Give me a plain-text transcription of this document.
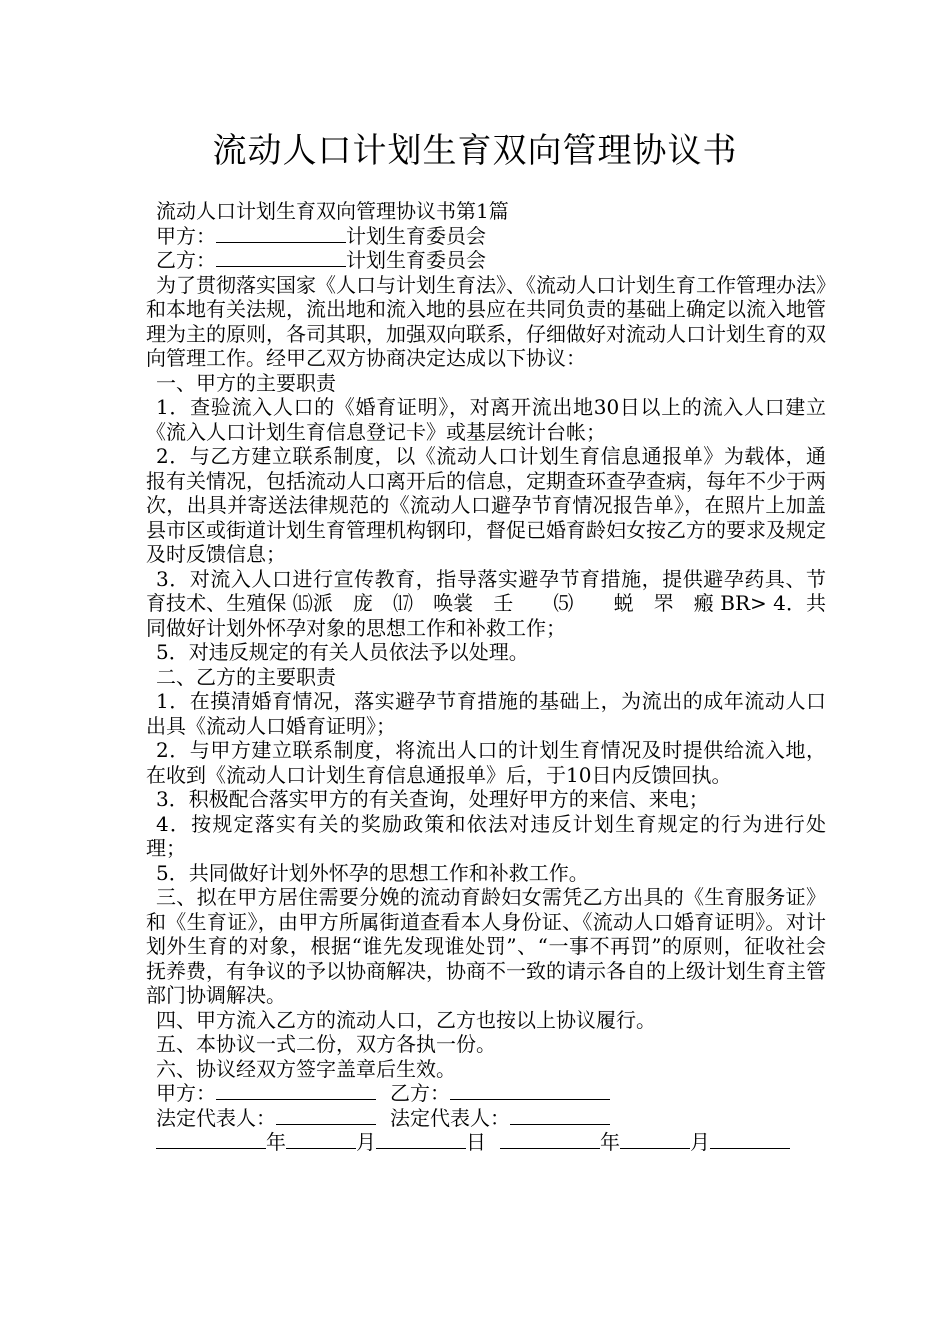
流动人口计划生育双向管理协议书

流动人口计划生育双向管理协议书第1篇

甲方：	计划生育委员会

乙方：	计划生育委员会

为了贯彻落实国家《人口与计划生育法》、《流动人口计划生育工作管理办法》和本地有关法规，流出地和流入地的县应在共同负责的基础上确定以流入地管理为主的原则，各司其职，加强双向联系，仔细做好对流动人口计划生育的双向管理工作。经甲乙双方协商决定达成以下协议：

一、甲方的主要职责

1．查验流入人口的《婚育证明》，对离开流出地30日以上的流入人口建立《流入人口计划生育信息登记卡》或基层统计台帐；

2．与乙方建立联系制度，以《流动人口计划生育信息通报单》为载体，通报有关情况，包括流动人口离开后的信息，定期查环查孕查病，每年不少于两次，出具并寄送法律规范的《流动人口避孕节育情况报告单》，在照片上加盖县市区或街道计划生育管理机构钢印，督促已婚育龄妇女按乙方的要求及规定及时反馈信息；

3．对流入人口进行宣传教育，指导落实避孕节育措施，提供避孕药具、节育技术、生殖保 ⒂派　庞　⒄　唤裳　壬　　⑸　　蜕　罘　瘢 BR> 4．共同做好计划外怀孕对象的思想工作和补救工作；

5．对违反规定的有关人员依法予以处理。

二、乙方的主要职责

1．在摸清婚育情况，落实避孕节育措施的基础上，为流出的成年流动人口出具《流动人口婚育证明》；

2．与甲方建立联系制度，将流出人口的计划生育情况及时提供给流入地，在收到《流动人口计划生育信息通报单》后，于10日内反馈回执。

3．积极配合落实甲方的有关查询，处理好甲方的来信、来电；

4．按规定落实有关的奖励政策和依法对违反计划生育规定的行为进行处理；

5．共同做好计划外怀孕的思想工作和补救工作。

三、拟在甲方居住需要分娩的流动育龄妇女需凭乙方出具的《生育服务证》和《生育证》，由甲方所属街道查看本人身份证、《流动人口婚育证明》。对计划外生育的对象，根据“谁先发现谁处罚”、“一事不再罚”的原则，征收社会抚养费，有争议的予以协商解决，协商不一致的请示各自的上级计划生育主管部门协调解决。

四、甲方流入乙方的流动人口，乙方也按以上协议履行。

五、本协议一式二份，双方各执一份。

六、协议经双方签字盖章后生效。

甲方：	乙方：

法定代表人：	法定代表人：

年	月	日	年	月
